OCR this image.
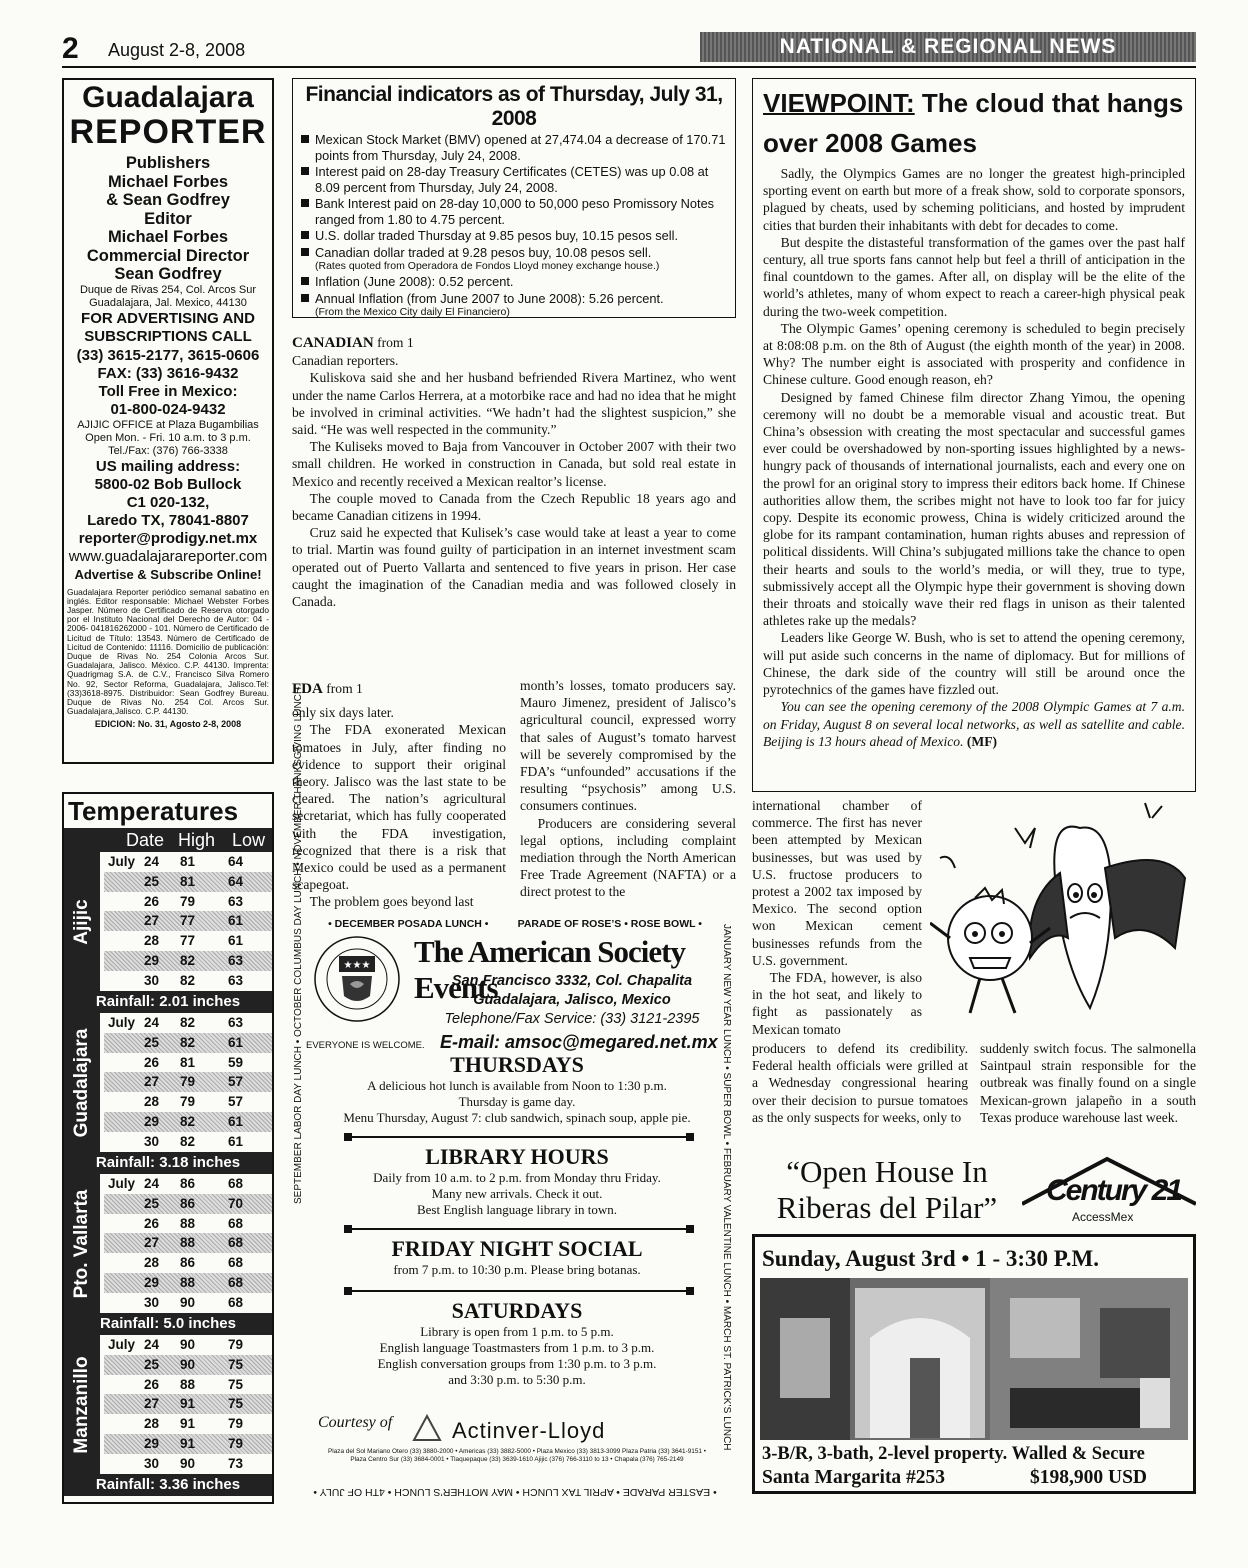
2 August 2-8, 2008	NATIONAL & REGIONAL NEWS
Guadalajara
REPORTER
Publishers
Michael Forbes
& Sean Godfrey
Editor
Michael Forbes
Commercial Director
Sean Godfrey
Duque de Rivas 254, Col. Arcos Sur Guadalajara, Jal. Mexico, 44130
FOR ADVERTISING AND SUBSCRIPTIONS CALL
(33) 3615-2177, 3615-0606
FAX: (33) 3616-9432
Toll Free in Mexico:
01-800-024-9432
AJIJIC OFFICE at Plaza Bugambilias Open Mon. - Fri. 10 a.m. to 3 p.m.
Tel./Fax: (376) 766-3338
US mailing address:
5800-02 Bob Bullock
C1 020-132,
Laredo TX, 78041-8807
reporter@prodigy.net.mx
www.guadalajarareporter.com
Advertise & Subscribe Online!
Guadalajara Reporter periódico semanal sabatino en inglés. Editor responsable: Michael Webster Forbes Jasper. Número de Certificado de Reserva otorgado por el Instituto Nacional del Derecho de Autor: 04 - 2006- 041816262000 - 101. Número de Certificado de Licitud de Título: 13543. Número de Certificado de Licitud de Contenido: 11116. Domicilio de publicación: Duque de Rivas No. 254 Colonia Arcos Sur. Guadalajara, Jalisco. México. C.P. 44130. Imprenta: Quadrigmag S.A. de C.V., Francisco Silva Romero No. 92, Sector Reforma, Guadalajara, Jalisco.Tel: (33)3618-8975. Distribuidor: Sean Godfrey Bureau. Duque de Rivas No. 254 Col. Arcos Sur. Guadalajara,Jalisco. C.P. 44130.
EDICION: No. 31, Agosto 2-8, 2008
Temperatures
Date High Low
Ajijic
July 24 81 64
25 81 64
26 79 63
27 77 61
28 77 61
29 82 63
30 82 63
Rainfall: 2.01 inches
Guadalajara
July 24 82 63
25 82 61
26 81 59
27 79 57
28 79 57
29 82 61
30 82 61
Rainfall: 3.18 inches
Pto. Vallarta
July 24 86 68
25 86 70
26 88 68
27 88 68
28 86 68
29 88 68
30 90 68
Rainfall: 5.0 inches
Manzanillo
July 24 90 79
25 90 75
26 88 75
27 91 75
28 91 79
29 91 79
30 90 73
Rainfall: 3.36 inches
Financial indicators as of Thursday, July 31, 2008
Mexican Stock Market (BMV) opened at 27,474.04 a decrease of 170.71 points from Thursday, July 24, 2008.
Interest paid on 28-day Treasury Certificates (CETES) was up 0.08 at 8.09 percent from Thursday, July 24, 2008.
Bank Interest paid on 28-day 10,000 to 50,000 peso Promissory Notes ranged from 1.80 to 4.75 percent.
U.S. dollar traded Thursday at 9.85 pesos buy, 10.15 pesos sell.
Canadian dollar traded at 9.28 pesos buy, 10.08 pesos sell.
(Rates quoted from Operadora de Fondos Lloyd money exchange house.)
Inflation (June 2008): 0.52 percent.
Annual Inflation (from June 2007 to June 2008): 5.26 percent.
(From the Mexico City daily El Financiero)

CANADIAN from 1

Canadian reporters.

Kuliskova said she and her husband befriended Rivera Martinez, who went under the name Carlos Herrera, at a motorbike race and had no idea that he might be involved in criminal activities. “We hadn’t had the slightest suspicion,” she said. “He was well respected in the community.”

The Kuliseks moved to Baja from Vancouver in October 2007 with their two small children. He worked in construction in Canada, but sold real estate in Mexico and recently received a Mexican realtor’s license.

The couple moved to Canada from the Czech Republic 18 years ago and became Canadian citizens in 1994.

Cruz said he expected that Kulisek’s case would take at least a year to come to trial. Martin was found guilty of participation in an internet investment scam operated out of Puerto Vallarta and sentenced to five years in prison. Her case caught the imagination of the Canadian media and was followed closely in Canada.

FDA from 1

only six days later.

The FDA exonerated Mexican tomatoes in July, after finding no evidence to support their original theory. Jalisco was the last state to be cleared. The nation’s agricultural secretariat, which has fully cooperated with the FDA investigation, recognized that there is a risk that Mexico could be used as a permanent scapegoat.

The problem goes beyond last

month’s losses, tomato producers say. Mauro Jimenez, president of Jalisco’s agricultural council, expressed worry that sales of August’s tomato harvest will be severely compromised by the FDA’s “unfounded” accusations if the resulting “psychosis” among U.S. consumers continues.

Producers are considering several legal options, including complaint mediation through the North American Free Trade Agreement (NAFTA) or a direct protest to the

• DECEMBER POSADA LUNCH •          PARADE OF ROSE’S • ROSE BOWL •
SEPTEMBER LABOR DAY LUNCH • OCTOBER COLUMBUS DAY LUNCH • NOVEMBER THANKSGIVING LUNCH	JANUARY NEW YEAR LUNCH • SUPER BOWL • FEBRUARY VALENTINE LUNCH • MARCH ST. PATRICK’S LUNCH
• EASTER PARADE • APRIL TAX LUNCH • MAY MOTHER’S LUNCH • 4TH OF JULY •
★★★ The American Society Events
San Francisco 3332, Col. Chapalita
Guadalajara, Jalisco, Mexico
Telephone/Fax Service: (33) 3121-2395
EVERYONE IS WELCOME. E-mail: amsoc@megared.net.mx
THURSDAYS
A delicious hot lunch is available from Noon to 1:30 p.m.
Thursday is game day.
Menu Thursday, August 7: club sandwich, spinach soup, apple pie.
LIBRARY HOURS
Daily from 10 a.m. to 2 p.m. from Monday thru Friday.
Many new arrivals. Check it out.
Best English language library in town.
FRIDAY NIGHT SOCIAL
from 7 p.m. to 10:30 p.m. Please bring botanas.
SATURDAYS
Library is open from 1 p.m. to 5 p.m.
English language Toastmasters from 1 p.m. to 3 p.m.
English conversation groups from 1:30 p.m. to 3 p.m.
and 3:30 p.m. to 5:30 p.m.
Courtesy of	Actinver-Lloyd
Plaza del Sol Mariano Otero (33) 3880-2000 • Americas (33) 3882-5000 • Plaza Mexico (33) 3813-3099 Plaza Patria (33) 3641-9151 • Plaza Centro Sur (33) 3684-0001 • Tlaquepaque (33) 3639-1610 Ajijic (376) 766-3110 to 13 • Chapala (376) 765-2149
VIEWPOINT: The cloud that hangs over 2008 Games

Sadly, the Olympics Games are no longer the greatest high-principled sporting event on earth but more of a freak show, sold to corporate sponsors, plagued by cheats, used by scheming politicians, and hosted by imprudent cities that burden their inhabitants with debt for decades to come.

But despite the distasteful transformation of the games over the past half century, all true sports fans cannot help but feel a thrill of anticipation in the final countdown to the games. After all, on display will be the elite of the world’s athletes, many of whom expect to reach a career-high physical peak during the two-week competition.

The Olympic Games’ opening ceremony is scheduled to begin precisely at 8:08:08 p.m. on the 8th of August (the eighth month of the year) in 2008. Why? The number eight is associated with prosperity and confidence in Chinese culture. Good enough reason, eh?

Designed by famed Chinese film director Zhang Yimou, the opening ceremony will no doubt be a memorable visual and acoustic treat. But China’s obsession with creating the most spectacular and successful games ever could be overshadowed by non-sporting issues highlighted by a news-hungry pack of thousands of international journalists, each and every one on the prowl for an original story to impress their editors back home. If Chinese authorities allow them, the scribes might not have to look too far for juicy copy. Despite its economic prowess, China is widely criticized around the globe for its rampant contamination, human rights abuses and repression of political dissidents. Will China’s subjugated millions take the chance to open their hearts and souls to the world’s media, or will they, true to type, submissively accept all the Olympic hype their government is shoving down their throats and stoically wave their red flags in unison as their talented athletes rake up the medals?

Leaders like George W. Bush, who is set to attend the opening ceremony, will put aside such concerns in the name of diplomacy. But for millions of Chinese, the dark side of the country will still be around once the pyrotechnics of the games have fizzled out.

You can see the opening ceremony of the 2008 Olympic Games at 7 a.m. on Friday, August 8 on several local networks, as well as satellite and cable. Beijing is 13 hours ahead of Mexico. (MF)

international chamber of commerce. The first has never been attempted by Mexican businesses, but was used by U.S. fructose producers to protest a 2002 tax imposed by Mexico. The second option won Mexican cement businesses refunds from the U.S. government.

The FDA, however, is also in the hot seat, and likely to fight as passionately as Mexican tomato

producers to defend its credibility. Federal health officials were grilled at a Wednesday congressional hearing over their decision to pursue tomatoes as the only suspects for weeks, only to

suddenly switch focus. The salmonella Saintpaul strain responsible for the outbreak was finally found on a single Mexican-grown jalapeño in a south Texas produce warehouse last week.

“Open House In Riberas del Pilar”	Century 21
AccessMex
Sunday, August 3rd • 1 - 3:30 P.M.
3-B/R, 3-bath, 2-level property. Walled & Secure
Santa Margarita #253	$198,900 USD
